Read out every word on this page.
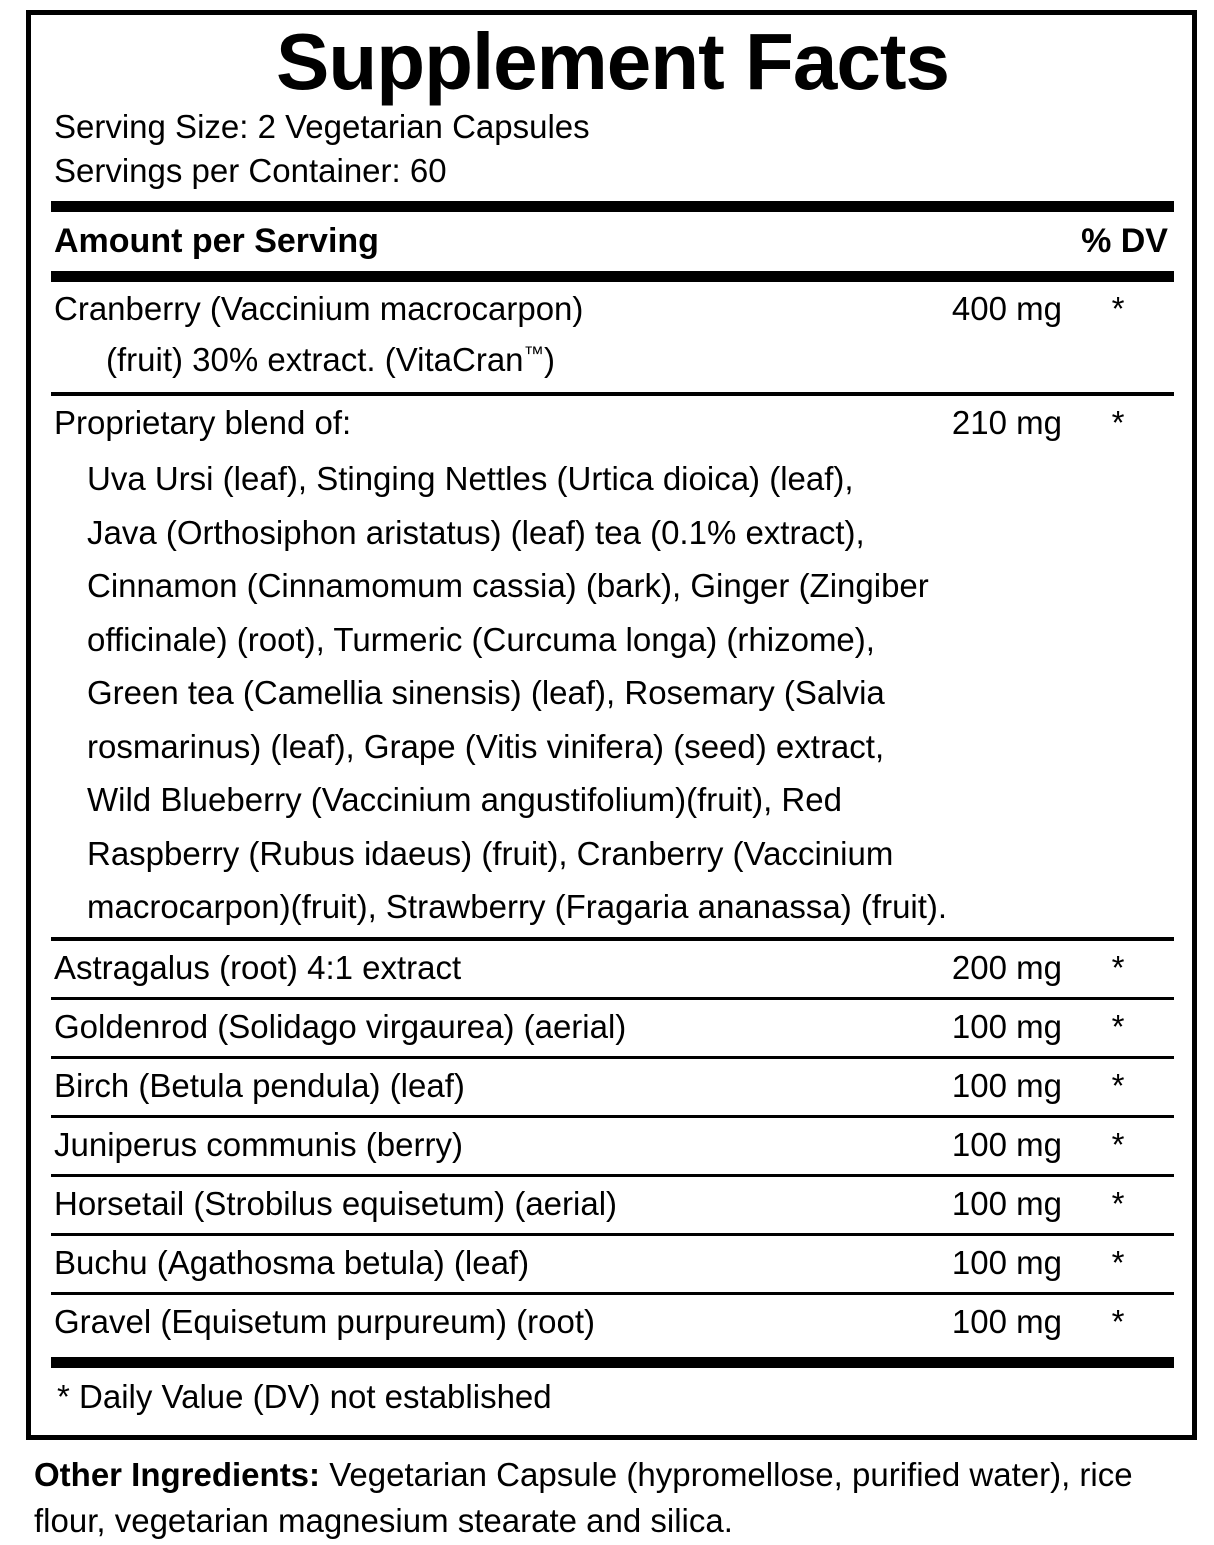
Supplement Facts
Serving Size: 2 Vegetarian Capsules
Servings per Container: 60
Amount per Serving	% DV
Cranberry (Vaccinium macrocarpon)	400 mg	*
(fruit) 30% extract. (VitaCran™)
Proprietary blend of:	210 mg	*
Uva Ursi (leaf), Stinging Nettles (Urtica dioica) (leaf),
Java (Orthosiphon aristatus) (leaf) tea (0.1% extract),
Cinnamon (Cinnamomum cassia) (bark), Ginger (Zingiber
officinale) (root), Turmeric (Curcuma longa) (rhizome),
Green tea (Camellia sinensis) (leaf), Rosemary (Salvia
rosmarinus) (leaf), Grape (Vitis vinifera) (seed) extract,
Wild Blueberry (Vaccinium angustifolium)(fruit), Red
Raspberry (Rubus idaeus) (fruit), Cranberry (Vaccinium
macrocarpon)(fruit), Strawberry (Fragaria ananassa) (fruit).
Astragalus (root) 4:1 extract	200 mg	*
Goldenrod (Solidago virgaurea) (aerial)	100 mg	*
Birch (Betula pendula) (leaf)	100 mg	*
Juniperus communis (berry)	100 mg	*
Horsetail (Strobilus equisetum) (aerial)	100 mg	*
Buchu (Agathosma betula) (leaf)	100 mg	*
Gravel (Equisetum purpureum) (root)	100 mg	*
* Daily Value (DV) not established
Other Ingredients: Vegetarian Capsule (hypromellose, purified water), rice flour, vegetarian magnesium stearate and silica.
